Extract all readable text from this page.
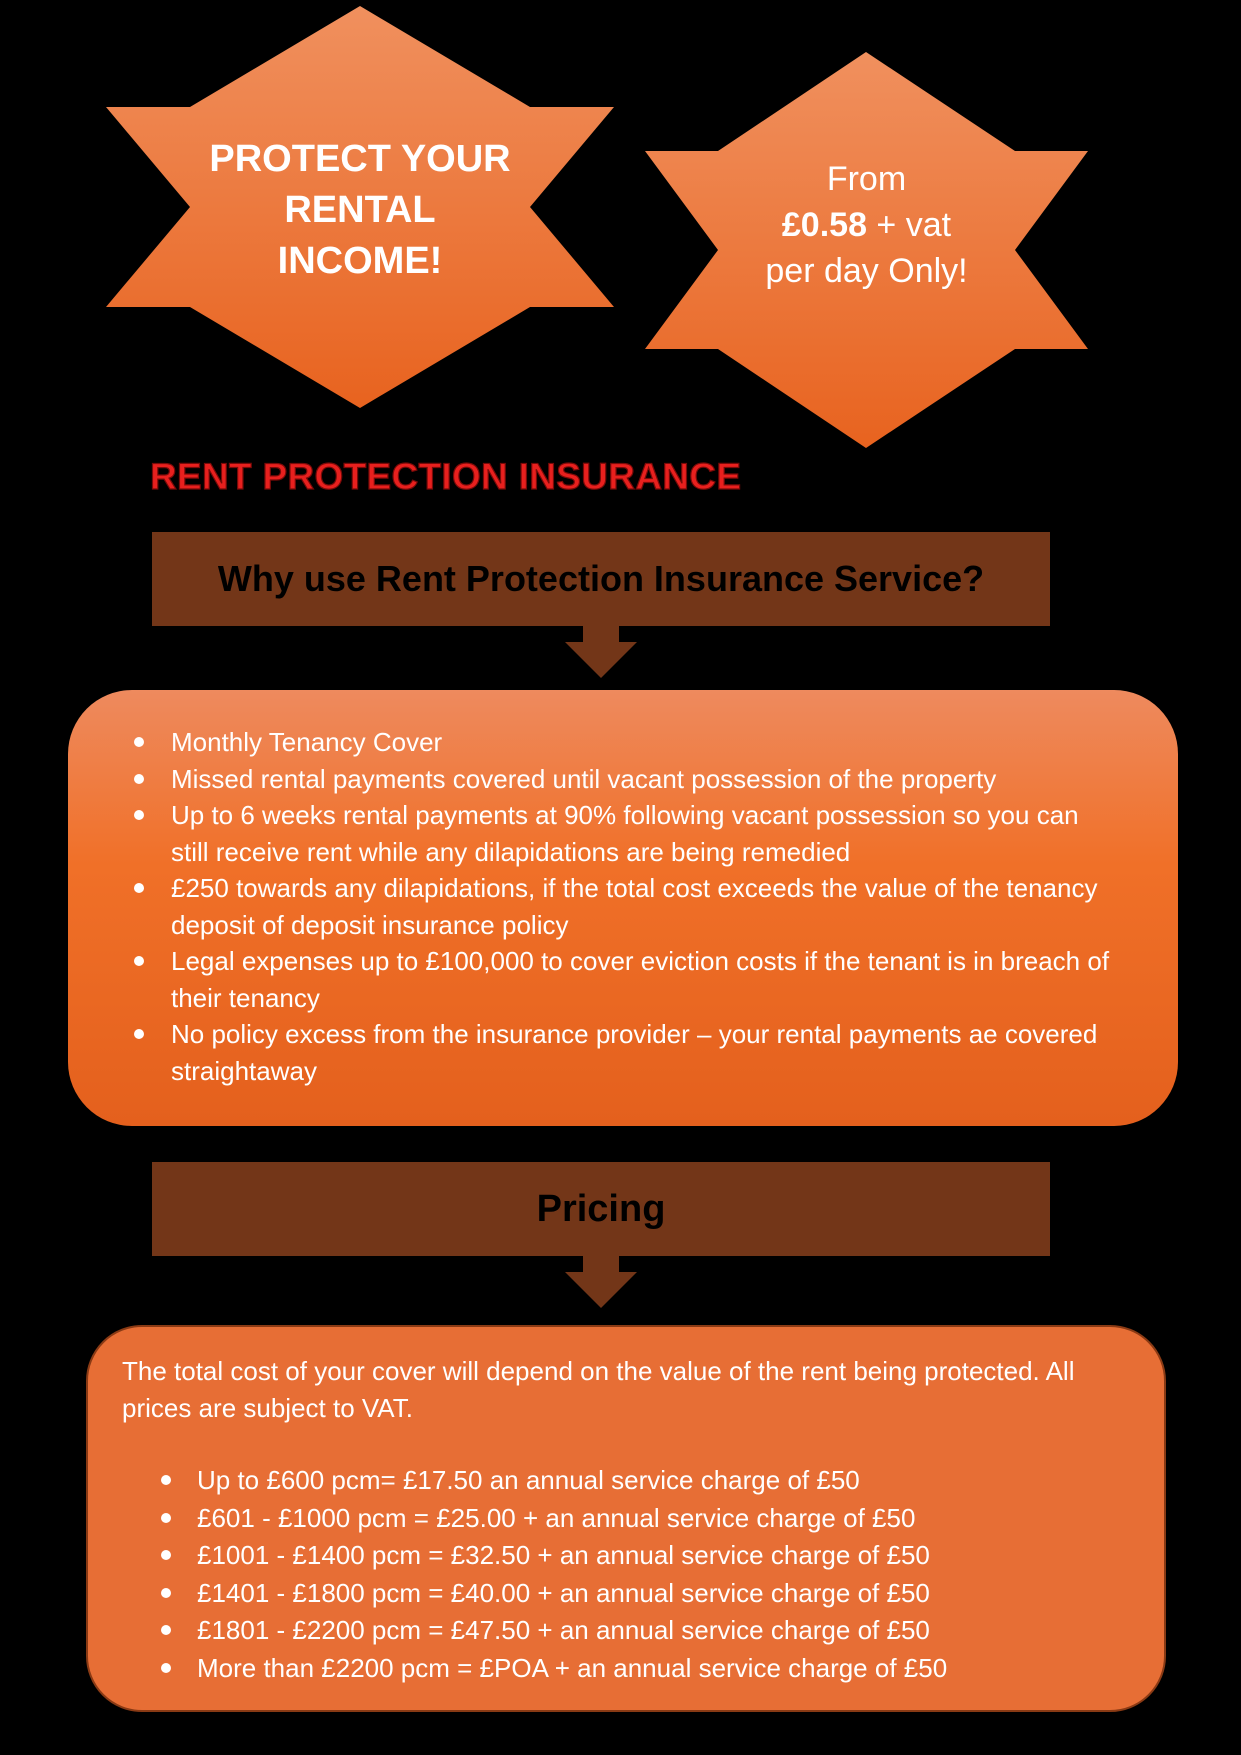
PROTECT YOUR
RENTAL
INCOME!
From
£0.58 + vat
per day Only!
RENT PROTECTION INSURANCE
Why use Rent Protection Insurance Service?
Monthly Tenancy Cover
Missed rental payments covered until vacant possession of the property
Up to 6 weeks rental payments at 90% following vacant possession so you can still receive rent while any dilapidations are being remedied
£250 towards any dilapidations, if the total cost exceeds the value of the tenancy deposit of deposit insurance policy
Legal expenses up to £100,000 to cover eviction costs if the tenant is in breach of their tenancy
No policy excess from the insurance provider – your rental payments ae covered straightaway
Pricing

The total cost of your cover will depend on the value of the rent being protected. All prices are subject to VAT.

Up to £600 pcm= £17.50 an annual service charge of £50
£601 - £1000 pcm = £25.00 + an annual service charge of £50
£1001 - £1400 pcm = £32.50 + an annual service charge of £50
£1401 - £1800 pcm = £40.00 + an annual service charge of £50
£1801 - £2200 pcm = £47.50 + an annual service charge of £50
More than £2200 pcm = £POA + an annual service charge of £50
